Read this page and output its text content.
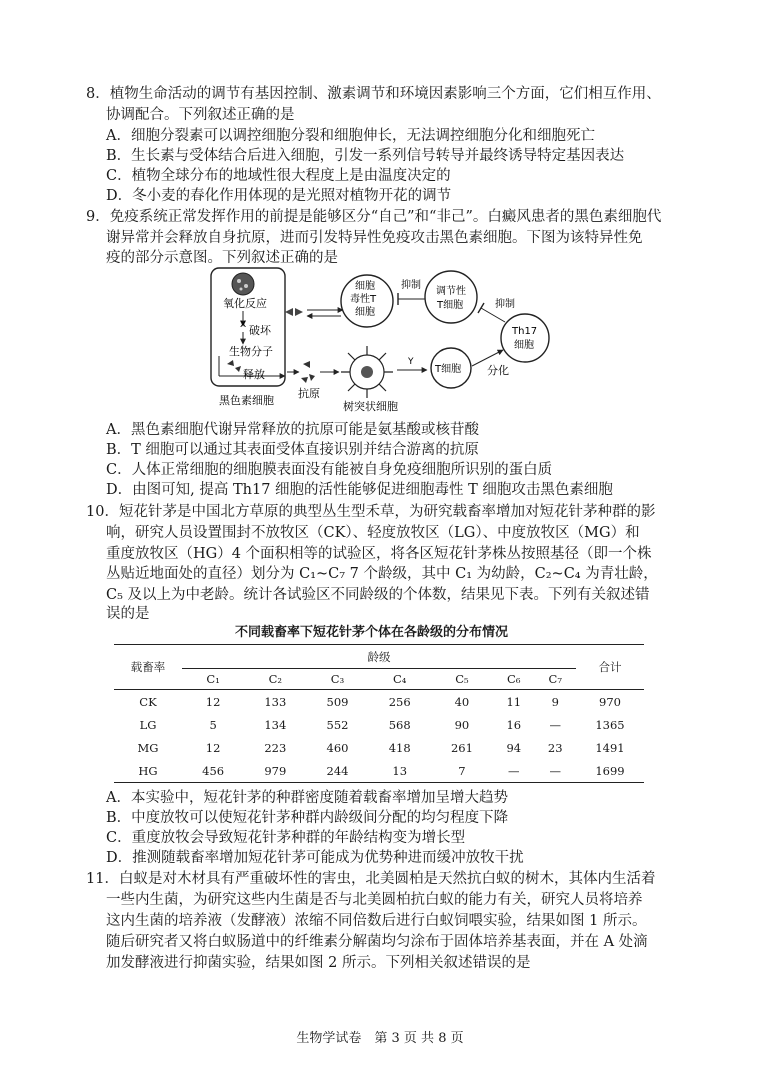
8．植物生命活动的调节有基因控制、激素调节和环境因素影响三个方面，它们相互作用、
协调配合。下列叙述正确的是
A．细胞分裂素可以调控细胞分裂和细胞伸长，无法调控细胞分化和细胞死亡
B．生长素与受体结合后进入细胞，引发一系列信号转导并最终诱导特定基因表达
C．植物全球分布的地域性很大程度上是由温度决定的
D．冬小麦的春化作用体现的是光照对植物开花的调节
9．免疫系统正常发挥作用的前提是能够区分“自己”和“非己”。白癜风患者的黑色素细胞代
谢异常并会释放自身抗原，进而引发特异性免疫攻击黑色素细胞。下图为该特异性免
疫的部分示意图。下列叙述正确的是
氧化反应
X 破坏
生物分子
释放
黑色素细胞
细胞
毒性T
细胞
抑制
调节性
T细胞	抑制
Th17
细胞
抗原
树突状细胞
Y
T细胞 分化
A．黑色素细胞代谢异常释放的抗原可能是氨基酸或核苷酸
B．T 细胞可以通过其表面受体直接识别并结合游离的抗原
C．人体正常细胞的细胞膜表面没有能被自身免疫细胞所识别的蛋白质
D．由图可知, 提高 Th17 细胞的活性能够促进细胞毒性 T 细胞攻击黑色素细胞
10．短花针茅是中国北方草原的典型丛生型禾草，为研究载畜率增加对短花针茅种群的影
响，研究人员设置围封不放牧区（CK）、轻度放牧区（LG）、中度放牧区（MG）和
重度放牧区（HG）4 个面积相等的试验区，将各区短花针茅株丛按照基径（即一个株
丛贴近地面处的直径）划分为 C₁~C₇ 7 个龄级，其中 C₁ 为幼龄，C₂~C₄ 为青壮龄，
C₅ 及以上为中老龄。统计各试验区不同龄级的个体数，结果见下表。下列有关叙述错
误的是
不同载畜率下短花针茅个体在各龄级的分布情况
载畜率	龄级							合计
	C₁	C₂	C₃	C₄	C₅	C₆	C₇	
CK	12	133	509	256	40	11	9	970
LG	5	134	552	568	90	16	—	1365
MG	12	223	460	418	261	94	23	1491
HG	456	979	244	13	7	—	—	1699
A．本实验中，短花针茅的种群密度随着载畜率增加呈增大趋势
B．中度放牧可以使短花针茅种群内龄级间分配的均匀程度下降
C．重度放牧会导致短花针茅种群的年龄结构变为增长型
D．推测随载畜率增加短花针茅可能成为优势种进而缓冲放牧干扰
11．白蚁是对木材具有严重破坏性的害虫，北美圆柏是天然抗白蚁的树木，其体内生活着
一些内生菌，为研究这些内生菌是否与北美圆柏抗白蚁的能力有关，研究人员将培养
这内生菌的培养液（发酵液）浓缩不同倍数后进行白蚁饲喂实验，结果如图 1 所示。
随后研究者又将白蚁肠道中的纤维素分解菌均匀涂布于固体培养基表面，并在 A 处滴
加发酵液进行抑菌实验，结果如图 2 所示。下列相关叙述错误的是
生物学试卷　第 3 页 共 8 页
